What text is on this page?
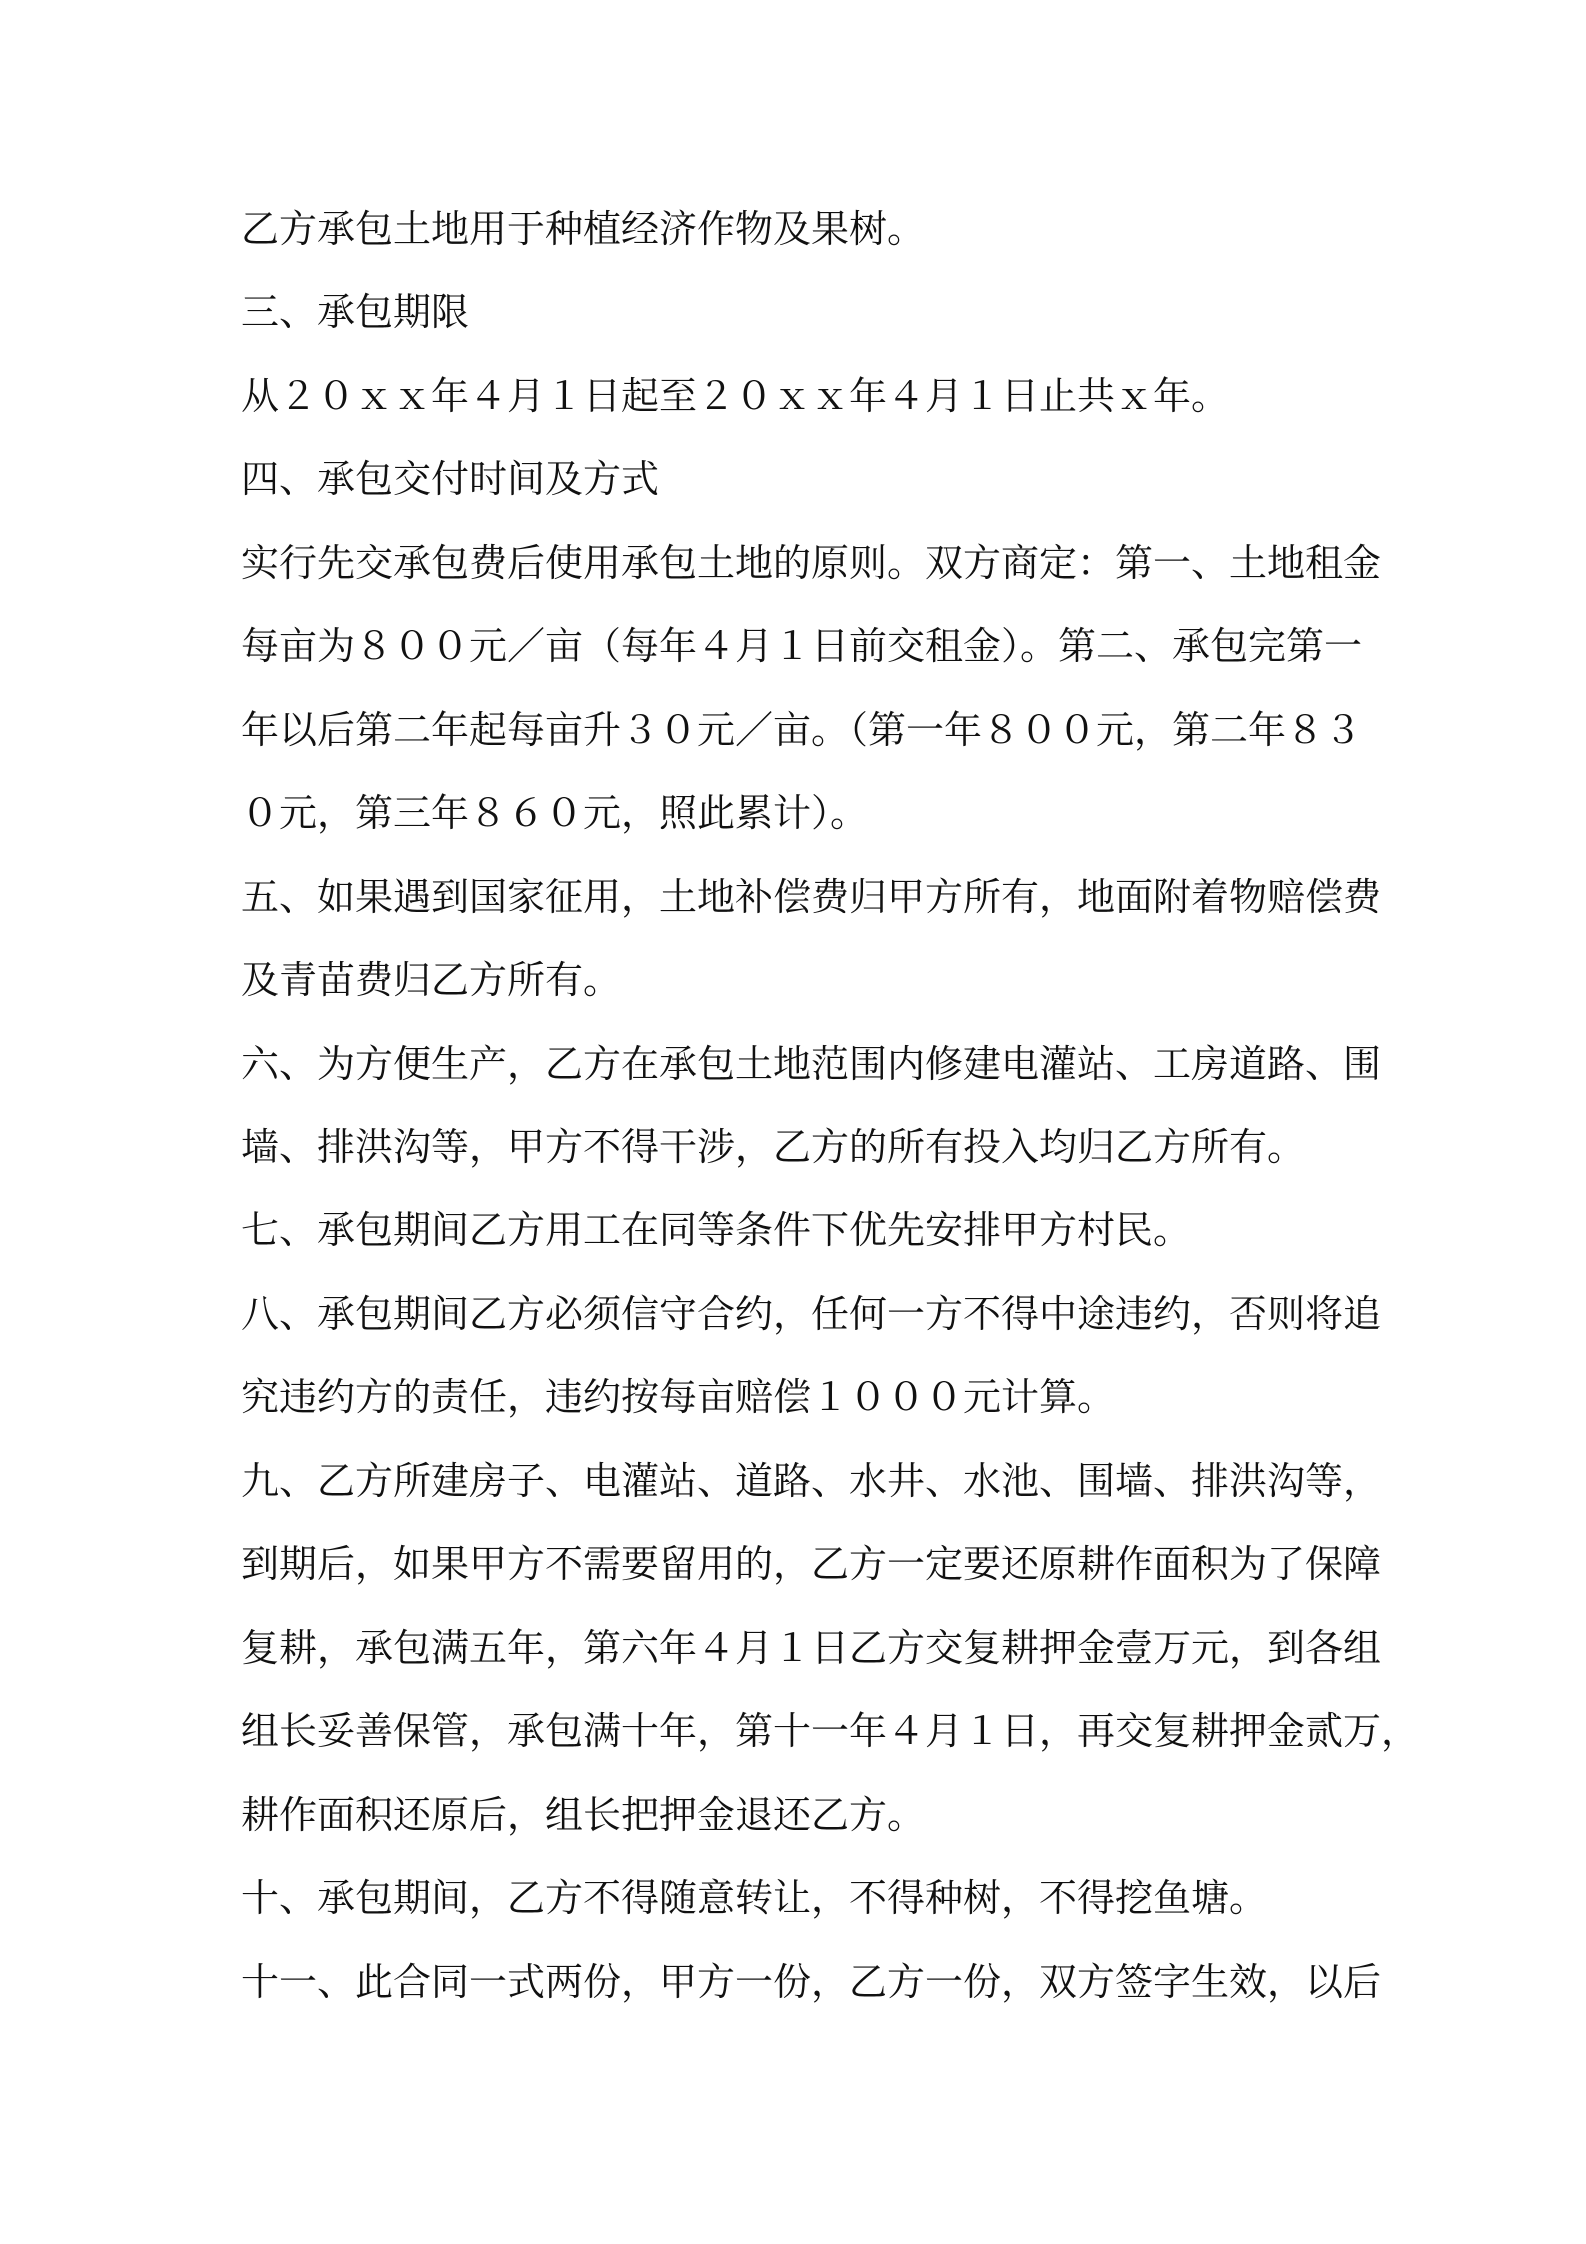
乙方承包土地用于种植经济作物及果树。
三、承包期限
从２０ｘｘ年４月１日起至２０ｘｘ年４月１日止共ｘ年。
四、承包交付时间及方式
实行先交承包费后使用承包土地的原则。双方商定：第一、土地租金
每亩为８００元／亩（每年４月１日前交租金）。第二、承包完第一
年以后第二年起每亩升３０元／亩。（第一年８００元，第二年８３
０元，第三年８６０元，照此累计）。
五、如果遇到国家征用，土地补偿费归甲方所有，地面附着物赔偿费
及青苗费归乙方所有。
六、为方便生产，乙方在承包土地范围内修建电灌站、工房道路、围
墙、排洪沟等，甲方不得干涉，乙方的所有投入均归乙方所有。
七、承包期间乙方用工在同等条件下优先安排甲方村民。
八、承包期间乙方必须信守合约，任何一方不得中途违约，否则将追
究违约方的责任，违约按每亩赔偿１０００元计算。
九、乙方所建房子、电灌站、道路、水井、水池、围墙、排洪沟等，
到期后，如果甲方不需要留用的，乙方一定要还原耕作面积为了保障
复耕，承包满五年，第六年４月１日乙方交复耕押金壹万元，到各组
组长妥善保管，承包满十年，第十一年４月１日，再交复耕押金贰万，
耕作面积还原后，组长把押金退还乙方。
十、承包期间，乙方不得随意转让，不得种树，不得挖鱼塘。
十一、此合同一式两份，甲方一份，乙方一份，双方签字生效，以后
